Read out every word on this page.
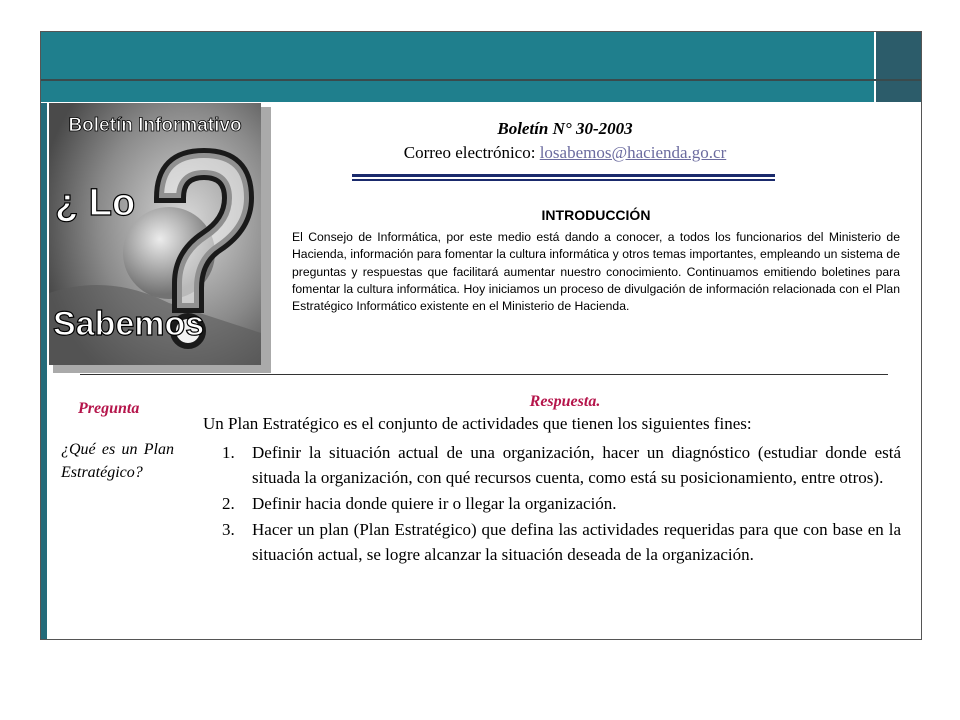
Boletín Informativo
¿ Lo
Sabemos
Boletín N° 30-2003
Correo electrónico: losabemos@hacienda.go.cr
INTRODUCCIÓN
El Consejo de Informática, por este medio está dando a conocer, a todos los funcionarios del Ministerio de Hacienda, información para fomentar la cultura informática y otros temas importantes, empleando un sistema de preguntas y respuestas que facilitará aumentar nuestro conocimiento. Continuamos emitiendo boletines para fomentar la cultura informática. Hoy iniciamos un proceso de divulgación de información relacionada con el Plan Estratégico Informático existente en el Ministerio de Hacienda.
Pregunta
¿Qué es un Plan Estratégico?
Respuesta.
Un Plan Estratégico es el conjunto de actividades que tienen los siguientes fines:
1. Definir la situación actual de una organización, hacer un diagnóstico (estudiar donde está situada la organización, con qué recursos cuenta, como está su posicionamiento, entre otros).
2. Definir hacia donde quiere ir o llegar la organización.
3. Hacer un plan (Plan Estratégico) que defina las actividades requeridas para que con base en la situación actual, se logre alcanzar la situación deseada de la organización.
